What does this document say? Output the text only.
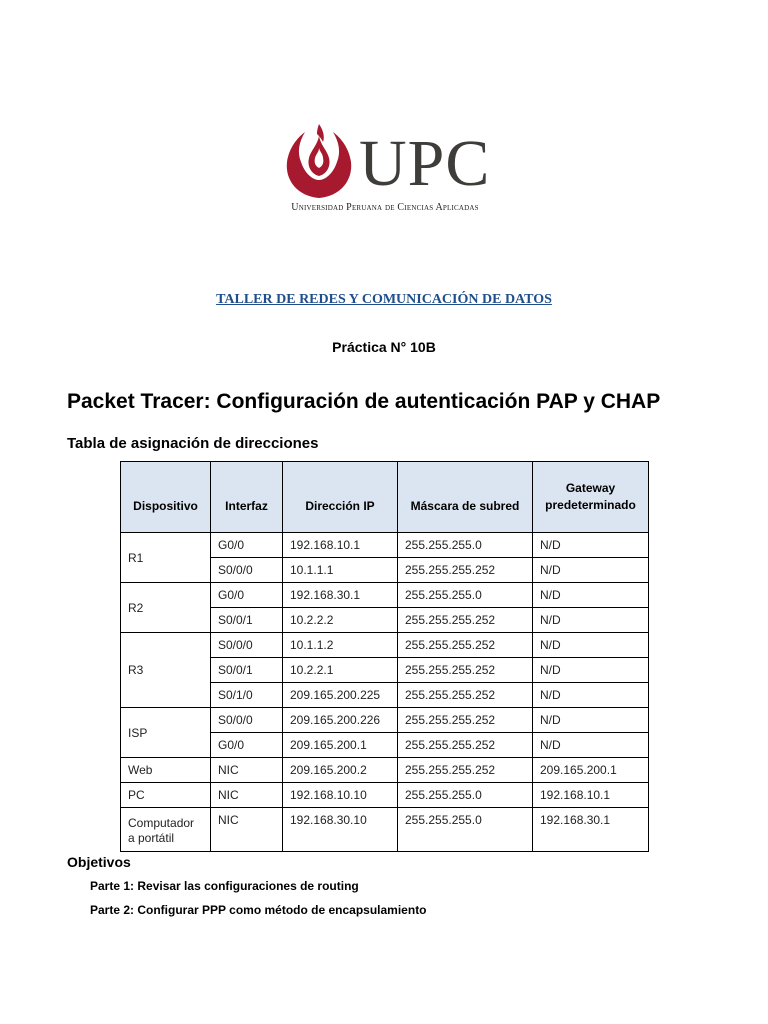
UPC
Universidad Peruana de Ciencias Aplicadas
TALLER DE REDES Y COMUNICACIÓN DE DATOS
Práctica N° 10B
Packet Tracer: Configuración de autenticación PAP y CHAP
Tabla de asignación de direcciones
Dispositivo	Interfaz	Dirección IP	Máscara de subred	Gateway
predeterminado
R1	G0/0	192.168.10.1	255.255.255.0	N/D
	S0/0/0	10.1.1.1	255.255.255.252	N/D
R2	G0/0	192.168.30.1	255.255.255.0	N/D
	S0/0/1	10.2.2.2	255.255.255.252	N/D
R3	S0/0/0	10.1.1.2	255.255.255.252	N/D
	S0/0/1	10.2.2.1	255.255.255.252	N/D
	S0/1/0	209.165.200.225	255.255.255.252	N/D
ISP	S0/0/0	209.165.200.226	255.255.255.252	N/D
	G0/0	209.165.200.1	255.255.255.252	N/D
Web	NIC	209.165.200.2	255.255.255.252	209.165.200.1
PC	NIC	192.168.10.10	255.255.255.0	192.168.10.1
Computador
a portátil	NIC	192.168.30.10	255.255.255.0	192.168.30.1
Objetivos
Parte 1: Revisar las configuraciones de routing
Parte 2: Configurar PPP como método de encapsulamiento
